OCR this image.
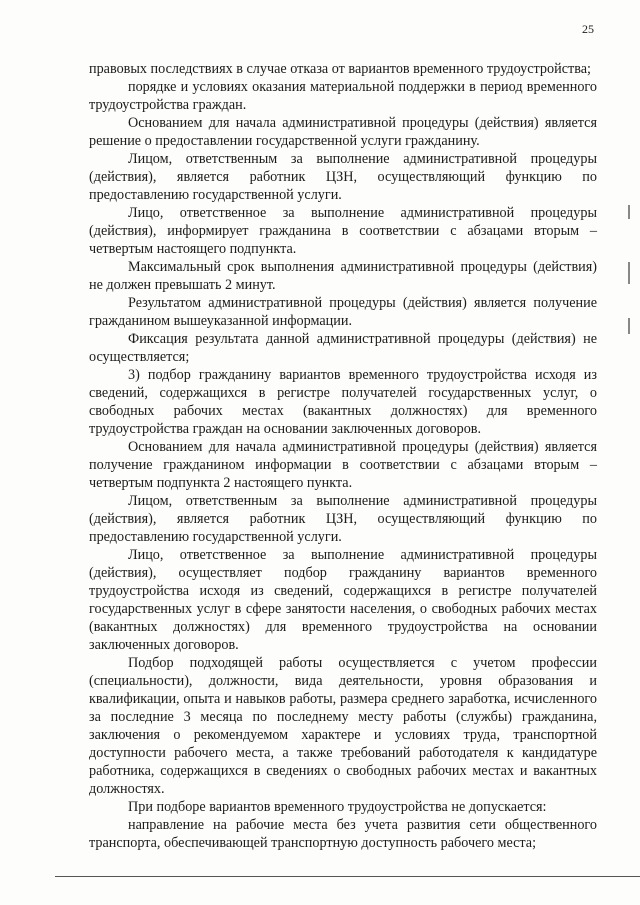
25

правовых последствиях в случае отказа от вариантов временного трудоустройства;

порядке и условиях оказания материальной поддержки в период временного трудоустройства граждан.

Основанием для начала административной процедуры (действия) является решение о предоставлении государственной услуги гражданину.

Лицом, ответственным за выполнение административной процедуры (действия), является работник ЦЗН, осуществляющий функцию по предоставлению государственной услуги.

Лицо, ответственное за выполнение административной процедуры (действия), информирует гражданина в соответствии с абзацами вторым – четвертым настоящего подпункта.

Максимальный срок выполнения административной процедуры (действия) не должен превышать 2 минут.

Результатом административной процедуры (действия) является получение гражданином вышеуказанной информации.

Фиксация результата данной административной процедуры (действия) не осуществляется;

3) подбор гражданину вариантов временного трудоустройства исходя из сведений, содержащихся в регистре получателей государственных услуг, о свободных рабочих местах (вакантных должностях) для временного трудоустройства граждан на основании заключенных договоров.

Основанием для начала административной процедуры (действия) является получение гражданином информации в соответствии с абзацами вторым – четвертым подпункта 2 настоящего пункта.

Лицом, ответственным за выполнение административной процедуры (действия), является работник ЦЗН, осуществляющий функцию по предоставлению государственной услуги.

Лицо, ответственное за выполнение административной процедуры (действия), осуществляет подбор гражданину вариантов временного трудоустройства исходя из сведений, содержащихся в регистре получателей государственных услуг в сфере занятости населения, о свободных рабочих местах (вакантных должностях) для временного трудоустройства на основании заключенных договоров.

Подбор подходящей работы осуществляется с учетом профессии (специальности), должности, вида деятельности, уровня образования и квалификации, опыта и навыков работы, размера среднего заработка, исчисленного за последние 3 месяца по последнему месту работы (службы) гражданина, заключения о рекомендуемом характере и условиях труда, транспортной доступности рабочего места, а также требований работодателя к кандидатуре работника, содержащихся в сведениях о свободных рабочих местах и вакантных должностях.

При подборе вариантов временного трудоустройства не допускается:

направление на рабочие места без учета развития сети общественного транспорта, обеспечивающей транспортную доступность рабочего места;
